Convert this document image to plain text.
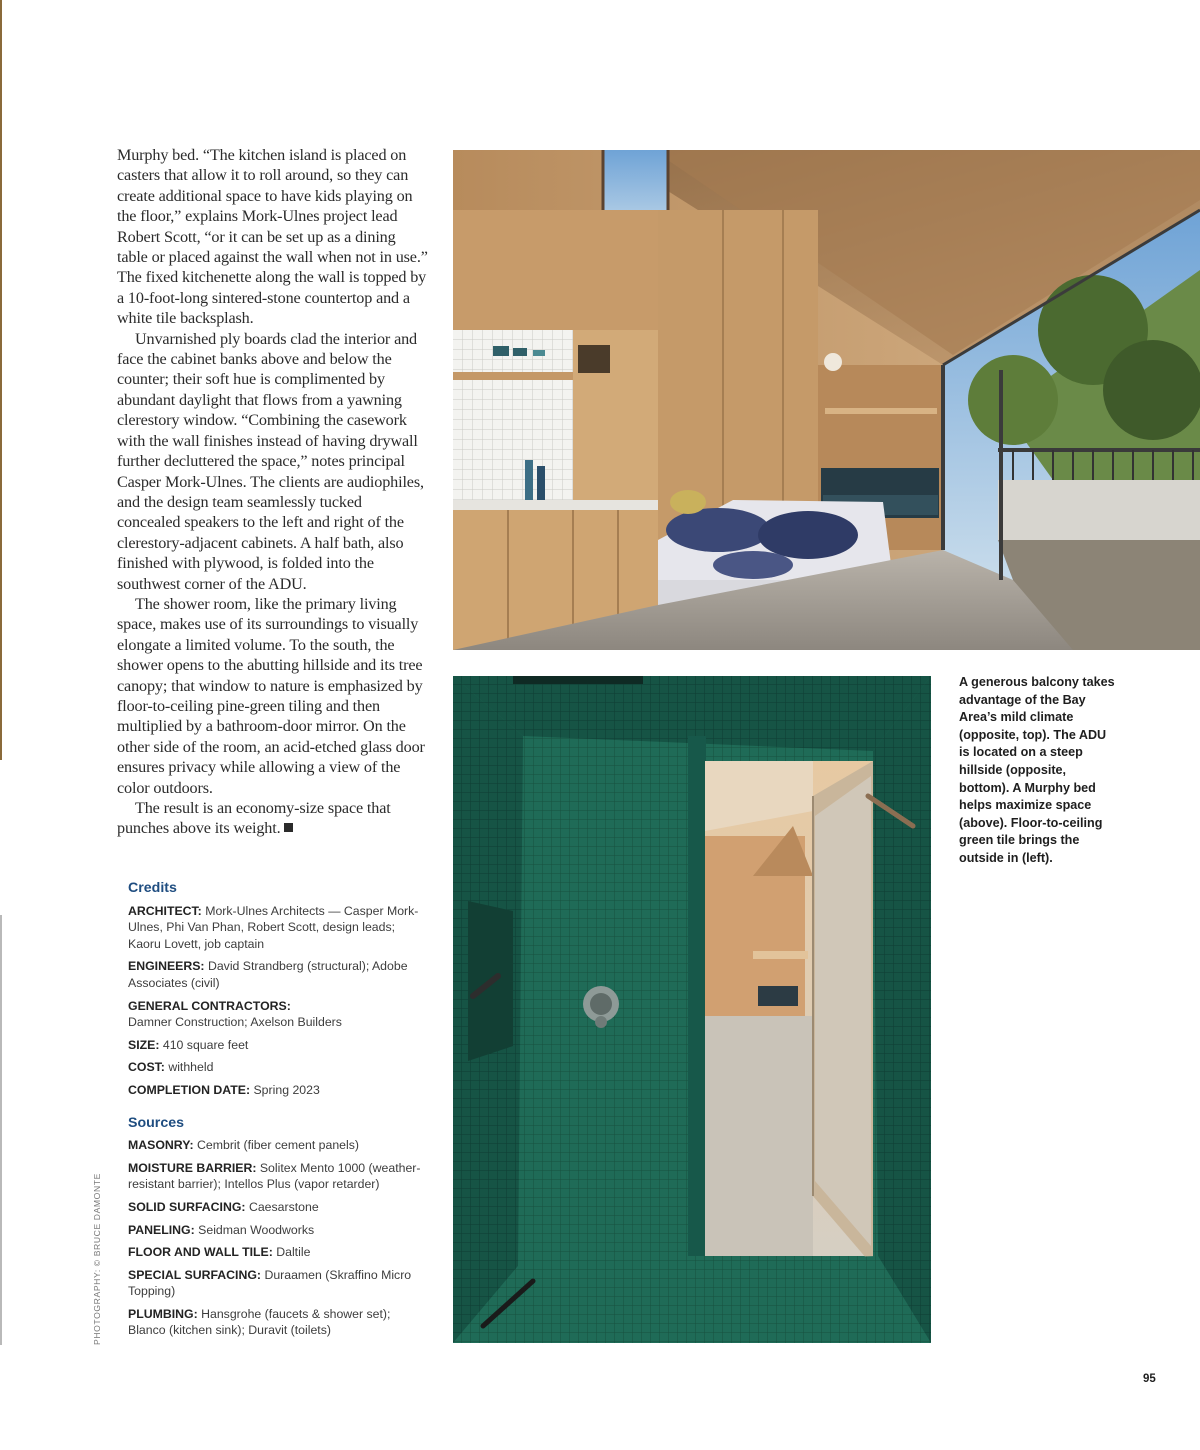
Murphy bed. “The kitchen island is placed on casters that allow it to roll around, so they can create additional space to have kids playing on the floor,” explains Mork-Ulnes project lead Robert Scott, “or it can be set up as a dining table or placed against the wall when not in use.” The fixed kitchenette along the wall is topped by a 10-foot-long sintered-stone countertop and a white tile backsplash.

Unvarnished ply boards clad the interior and face the cabinet banks above and below the counter; their soft hue is complimented by abundant daylight that flows from a yawning clerestory window. “Combining the casework with the wall finishes instead of having drywall further decluttered the space,” notes principal Casper Mork-Ulnes. The clients are audiophiles, and the design team seamlessly tucked concealed speakers to the left and right of the clerestory-adjacent cabinets. A half bath, also finished with plywood, is folded into the southwest corner of the ADU.

The shower room, like the primary living space, makes use of its surroundings to visually elongate a limited volume. To the south, the shower opens to the abutting hillside and its tree canopy; that window to nature is emphasized by floor-to-ceiling pine-green tiling and then multiplied by a bathroom-door mirror. On the other side of the room, an acid-etched glass door ensures privacy while allowing a view of the color outdoors.

The result is an economy-size space that punches above its weight.

Credits
ARCHITECT: Mork-Ulnes Architects — Casper Mork-Ulnes, Phi Van Phan, Robert Scott, design leads; Kaoru Lovett, job captain
ENGINEERS: David Strandberg (structural); Adobe Associates (civil)
GENERAL CONTRACTORS:
Damner Construction; Axelson Builders
SIZE: 410 square feet
COST: withheld
COMPLETION DATE: Spring 2023
Sources
MASONRY: Cembrit (fiber cement panels)
MOISTURE BARRIER: Solitex Mento 1000 (weather-resistant barrier); Intellos Plus (vapor retarder)
SOLID SURFACING: Caesarstone
PANELING: Seidman Woodworks
FLOOR AND WALL TILE: Daltile
SPECIAL SURFACING: Duraamen (Skraffino Micro Topping)
PLUMBING: Hansgrohe (faucets & shower set); Blanco (kitchen sink); Duravit (toilets)
PHOTOGRAPHY: © BRUCE DAMONTE
A generous balcony takes advantage of the Bay Area’s mild climate (opposite, top). The ADU is located on a steep hillside (opposite, bottom). A Murphy bed helps maximize space (above). Floor-to-ceiling green tile brings the outside in (left).
95
